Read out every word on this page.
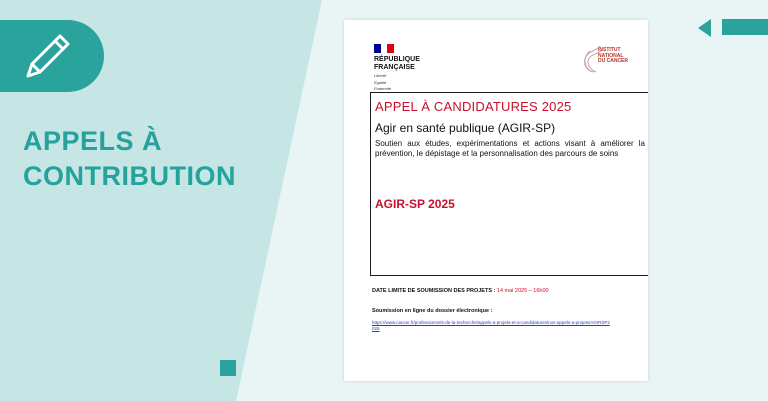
APPELS À
CONTRIBUTION
RÉPUBLIQUE
FRANÇAISE
Liberté
Égalité
Fraternité
INSTITUT
NATIONAL
DU CANCER
APPEL À CANDIDATURES 2025
Agir en santé publique (AGIR-SP)
Soutien aux études, expérimentations et actions visant à améliorer la prévention, le dépistage et la personnalisation des parcours de soins
AGIR-SP 2025
DATE LIMITE DE SOUMISSION DES PROJETS : 14 mai 2025 – 16h00
Soumission en ligne du dossier électronique :
https://www.cancer.fr/professionnels-de-la-recherche/appels-a-projets-et-a-candidatures/nos-appels-a-projets/AGIRSP2025
